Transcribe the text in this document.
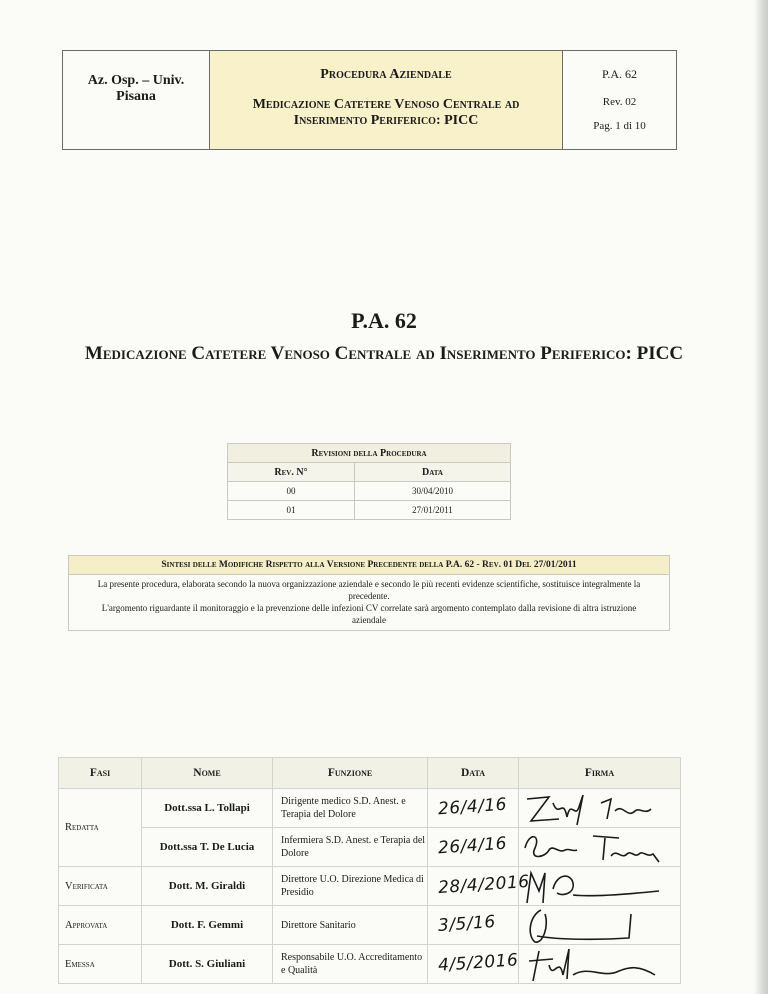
Az. Osp. – Univ.
Pisana
Procedura Aziendale
Medicazione Catetere Venoso Centrale ad Inserimento Periferico: PICC
P.A. 62
Rev. 02
Pag. 1 di 10
P.A. 62
Medicazione Catetere Venoso Centrale ad Inserimento Periferico: PICC
Revisioni della Procedura	
Rev. N°	Data
00	30/04/2010
01	27/01/2011
Sintesi delle Modifiche Rispetto alla Versione Precedente della P.A. 62 - Rev. 01 Del 27/01/2011
La presente procedura, elaborata secondo la nuova organizzazione aziendale e secondo le più recenti evidenze scientifiche, sostituisce integralmente la precedente.
L'argomento riguardante il monitoraggio e la prevenzione delle infezioni CV correlate sarà argomento contemplato dalla revisione di altra istruzione aziendale
Fasi	Nome	Funzione	Data	Firma
Redatta	Dott.ssa L. Tollapi	Dirigente medico S.D. Anest. e Terapia del Dolore	26/4/16

	Dott.ssa T. De Lucia	Infermiera S.D. Anest. e Terapia del Dolore	26/4/16

Verificata	Dott. M. Giraldi	Direttore U.O. Direzione Medica di Presidio	28/4/2016

Approvata	Dott. F. Gemmi	Direttore Sanitario	3/5/16

Emessa	Dott. S. Giuliani	Responsabile U.O. Accreditamento e Qualità	4/5/2016
